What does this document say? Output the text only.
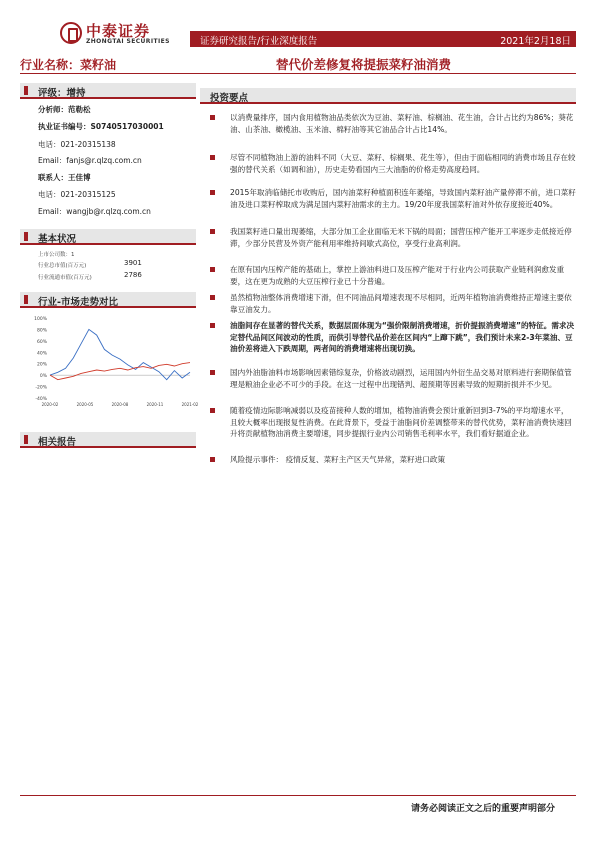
中泰证券
ZHONGTAI SECURITIES	证券研究报告/行业深度报告	2021年2月18日
行业名称：菜籽油	替代价差修复将提振菜籽油消费
评级：增持
分析师：范勒松
执业证书编号：S0740517030001
电话：021-20315138
Email：fanjs@r.qlzq.com.cn
联系人：王佳博
电话：021-20315125
Email：wangjb@r.qlzq.com.cn
基本状况
上市公司数：1
行业总市值(百万元)	3901
行业流通市值(百万元)	2786
行业-市场走势对比
100%
80%
60%
40%
20%
0%
-20%
-40%
2020-02	2020-05	2020-08	2020-11	2021-02
相关报告
投资要点
以消费量排序，国内食用植物油品类依次为豆油、菜籽油、棕榈油、花生油，合计占比约为86%；葵花油、山茶油、橄榄油、玉米油、棉籽油等其它油品合计占比14%。
尽管不同植物油上游的油料不同（大豆、菜籽、棕榈果、花生等），但由于面临相同的消费市场且存在较强的替代关系（如调和油），历史走势看国内三大油脂的价格走势高度趋同。
2015年取消临储托市收购后，国内油菜籽种植面积连年萎缩，导致国内菜籽油产量停滞不前，进口菜籽油及进口菜籽榨取成为满足国内菜籽油需求的主力。19/20年度我国菜籽油对外依存度接近40%。
我国菜籽进口量出现萎缩，大部分加工企业面临无米下锅的局面；国营压榨产能开工率逐步走低接近停滞，少部分民营及外资产能利用率维持间歇式高位，享受行业高利润。
在原有国内压榨产能的基础上，掌控上游油料进口及压榨产能对于行业内公司获取产业链利润愈发重要，这在更为成熟的大豆压榨行业已十分普遍。
虽然植物油整体消费增速下滑，但不同油品间增速表现不尽相同，近两年植物油消费维持正增速主要依靠豆油发力。
油脂间存在显著的替代关系，数据层面体现为“强价限制消费增速，折价提振消费增速”的特征。需求决定替代品间区间波动的性质，而供引导替代品价差在区间内“上蹿下跳”，我们预计未来2-3年菜油、豆油价差将进入下跌周期，两者间的消费增速将出现切换。
国内外油脂油料市场影响因素错综复杂，价格波动剧烈，运用国内外衍生品交易对原料进行套期保值管理是粮油企业必不可少的手段。在这一过程中出现错判、超预期等因素导致的短期折损并不少见。
随着疫情边际影响减弱以及疫苗接种人数的增加，植物油消费会预计重新回到3-7%的平均增速水平，且较大概率出现报复性消费。在此背景下，受益于油脂间价差调整带来的替代优势，菜籽油消费快速回升将贡献植物油消费主要增速，同步提振行业内公司销售毛利率水平，我们看好据道企业。
风险提示事件： 疫情反复、菜籽主产区天气异常，菜籽进口政策
请务必阅读正文之后的重要声明部分
